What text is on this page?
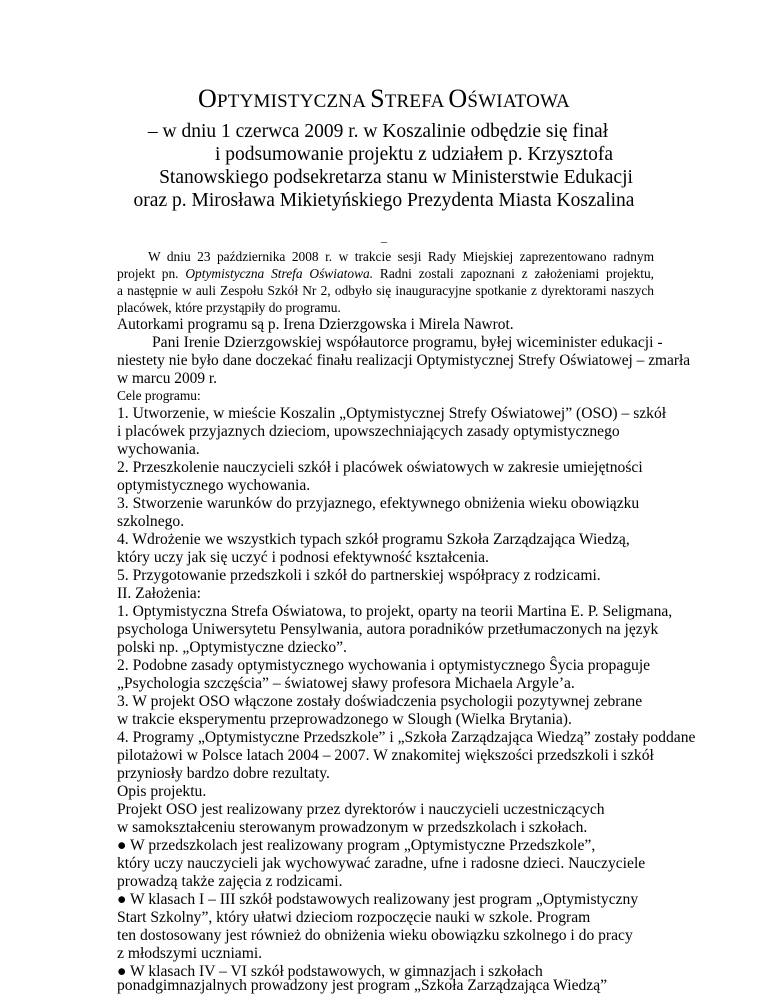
OPTYMISTYCZNA STREFA OŚWIATOWA
– w dniu 1 czerwca 2009 r. w Koszalinie odbędzie się finał
i podsumowanie projektu z udziałem p. Krzysztofa
Stanowskiego podsekretarza stanu w Ministerstwie Edukacji
oraz p. Mirosława Mikietyńskiego Prezydenta Miasta Koszalina
–
W dniu 23 października 2008 r. w trakcie sesji Rady Miejskiej zaprezentowano radnym
projekt pn. Optymistyczna Strefa Oświatowa. Radni zostali zapoznani z założeniami projektu,
a następnie w auli Zespołu Szkół Nr 2, odbyło się inauguracyjne spotkanie z dyrektorami naszych
placówek, które przystąpiły do programu.
Autorkami programu są p. Irena Dzierzgowska i Mirela Nawrot.
Pani Irenie Dzierzgowskiej współautorce programu, byłej wiceminister edukacji -
niestety nie było dane doczekać finału realizacji Optymistycznej Strefy Oświatowej – zmarła
w marcu 2009 r.
Cele programu:
1. Utworzenie, w mieście Koszalin „Optymistycznej Strefy Oświatowej” (OSO) – szkół
i placówek przyjaznych dzieciom, upowszechniających zasady optymistycznego
wychowania.
2. Przeszkolenie nauczycieli szkół i placówek oświatowych w zakresie umiejętności
optymistycznego wychowania.
3. Stworzenie warunków do przyjaznego, efektywnego obniżenia wieku obowiązku
szkolnego.
4. Wdrożenie we wszystkich typach szkół programu Szkoła Zarządzająca Wiedzą,
który uczy jak się uczyć i podnosi efektywność kształcenia.
5. Przygotowanie przedszkoli i szkół do partnerskiej współpracy z rodzicami.
II. Założenia:
1. Optymistyczna Strefa Oświatowa, to projekt, oparty na teorii Martina E. P. Seligmana,
psychologa Uniwersytetu Pensylwania, autora poradników przetłumaczonych na język
polski np. „Optymistyczne dziecko”.
2. Podobne zasady optymistycznego wychowania i optymistycznego Ŝycia propaguje
„Psychologia szczęścia” – światowej sławy profesora Michaela Argyle’a.
3. W projekt OSO włączone zostały doświadczenia psychologii pozytywnej zebrane
w trakcie eksperymentu przeprowadzonego w Slough (Wielka Brytania).
4. Programy „Optymistyczne Przedszkole” i „Szkoła Zarządzająca Wiedzą” zostały poddane
pilotażowi w Polsce latach 2004 – 2007. W znakomitej większości przedszkoli i szkół
przyniosły bardzo dobre rezultaty.
Opis projektu.
Projekt OSO jest realizowany przez dyrektorów i nauczycieli uczestniczących
w samokształceniu sterowanym prowadzonym w przedszkolach i szkołach.
● W przedszkolach jest realizowany program „Optymistyczne Przedszkole”,
który uczy nauczycieli jak wychowywać zaradne, ufne i radosne dzieci. Nauczyciele
prowadzą także zajęcia z rodzicami.
● W klasach I – III szkół podstawowych realizowany jest program „Optymistyczny
Start Szkolny”, który ułatwi dzieciom rozpoczęcie nauki w szkole. Program
ten dostosowany jest również do obniżenia wieku obowiązku szkolnego i do pracy
z młodszymi uczniami.
● W klasach IV – VI szkół podstawowych, w gimnazjach i szkołach
ponadgimnazjalnych prowadzony jest program „Szkoła Zarządzająca Wiedzą”
